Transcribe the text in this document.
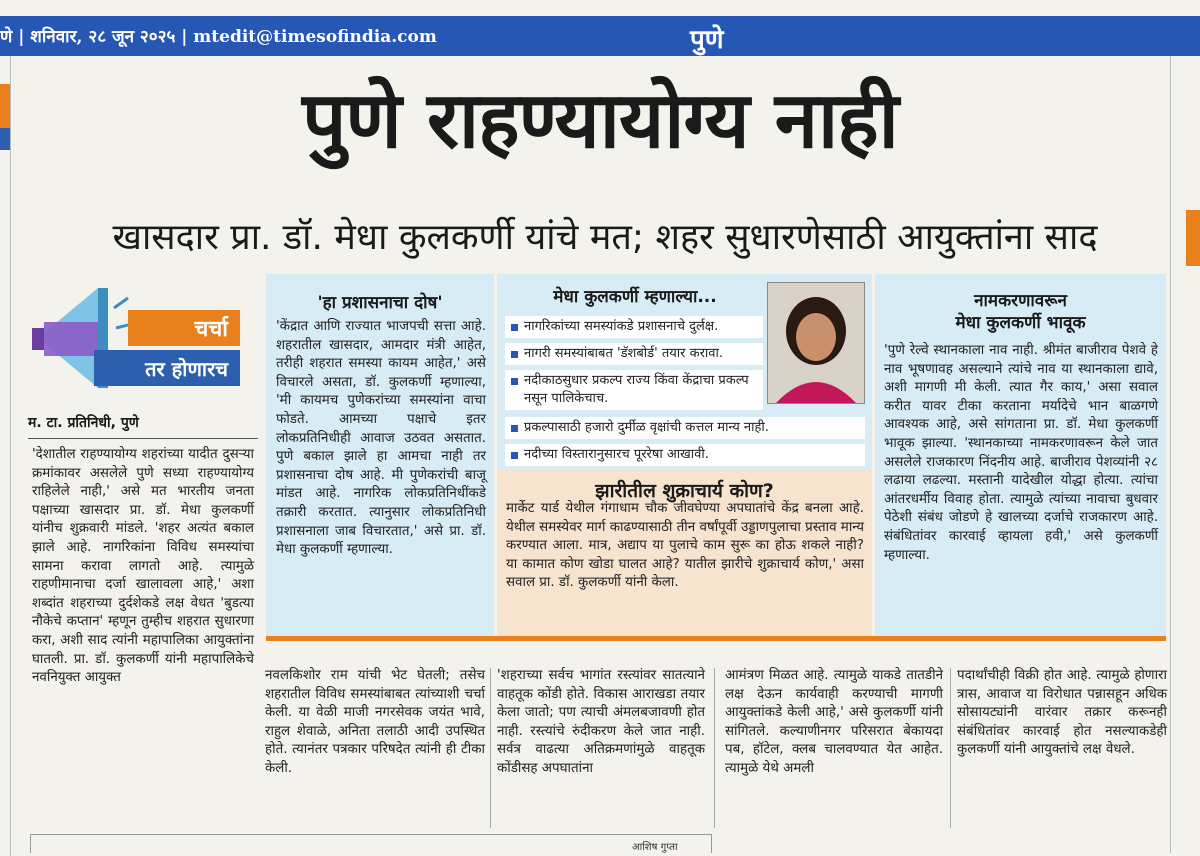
णे | शनिवार, २८ जून २०२५ | mtedit@timesofindia.com	पुणे
पुणे राहण्यायोग्य नाही
खासदार प्रा. डॉ. मेधा कुलकर्णी यांचे मत; शहर सुधारणेसाठी आयुक्तांना साद
चर्चा
तर होणारच
म. टा. प्रतिनिधी, पुणे
'देशातील राहण्यायोग्य शहरांच्या यादीत दुसऱ्या क्रमांकावर असलेले पुणे सध्या राहण्यायोग्य राहिलेले नाही,' असे मत भारतीय जनता पक्षाच्या खासदार प्रा. डॉ. मेधा कुलकर्णी यांनीच शुक्रवारी मांडले. 'शहर अत्यंत बकाल झाले आहे. नागरिकांना विविध समस्यांचा सामना करावा लागतो आहे. त्यामुळे राहणीमानाचा दर्जा खालावला आहे,' अशा शब्दांत शहराच्या दुर्दशेकडे लक्ष वेधत 'बुडत्या नौकेचे कप्तान' म्हणून तुम्हीच शहरात सुधारणा करा, अशी साद त्यांनी महापालिका आयुक्तांना घातली. प्रा. डॉ. कुलकर्णी यांनी महापालिकेचे नवनियुक्त आयुक्त
'हा प्रशासनाचा दोष'
'केंद्रात आणि राज्यात भाजपची सत्ता आहे. शहरातील खासदार, आमदार मंत्री आहेत, तरीही शहरात समस्या कायम आहेत,' असे विचारले असता, डॉ. कुलकर्णी म्हणाल्या, 'मी कायमच पुणेकरांच्या समस्यांना वाचा फोडते. आमच्या पक्षाचे इतर लोकप्रतिनिधीही आवाज उठवत असतात. पुणे बकाल झाले हा आमचा नाही तर प्रशासनाचा दोष आहे. मी पुणेकरांची बाजू मांडत आहे. नागरिक लोकप्रतिनिधींकडे तक्रारी करतात. त्यानुसार लोकप्रतिनिधी प्रशासनाला जाब विचारतात,' असे प्रा. डॉ. मेधा कुलकर्णी म्हणाल्या.
मेधा कुलकर्णी म्हणाल्या...
नागरिकांच्या समस्यांकडे प्रशासनाचे दुर्लक्ष.
नागरी समस्यांबाबत 'डॅशबोर्ड' तयार करावा.
नदीकाठसुधार प्रकल्प राज्य किंवा केंद्राचा प्रकल्प नसून पालिकेचाच.
प्रकल्पासाठी हजारो दुर्मीळ वृक्षांची कत्तल मान्य नाही.
नदीच्या विस्तारानुसारच पूररेषा आखावी.
झारीतील शुक्राचार्य कोण?
मार्केट यार्ड येथील गंगाधाम चौक जीवघेण्या अपघातांचे केंद्र बनला आहे. येथील समस्येवर मार्ग काढण्यासाठी तीन वर्षांपूर्वी उड्डाणपुलाचा प्रस्ताव मान्य करण्यात आला. मात्र, अद्याप या पुलाचे काम सुरू का होऊ शकले नाही? या कामात कोण खोडा घालत आहे? यातील झारीचे शुक्राचार्य कोण,' असा सवाल प्रा. डॉ. कुलकर्णी यांनी केला.
नामकरणावरून
मेधा कुलकर्णी भावूक
'पुणे रेल्वे स्थानकाला नाव नाही. श्रीमंत बाजीराव पेशवे हे नाव भूषणावह असल्याने त्यांचे नाव या स्थानकाला द्यावे, अशी मागणी मी केली. त्यात गैर काय,' असा सवाल करीत यावर टीका करताना मर्यादेचे भान बाळगणे आवश्यक आहे, असे सांगताना प्रा. डॉ. मेधा कुलकर्णी भावूक झाल्या. 'स्थानकाच्या नामकरणावरून केले जात असलेले राजकारण निंदनीय आहे. बाजीराव पेशव्यांनी २८ लढाया लढल्या. मस्तानी यादेखील योद्धा होत्या. त्यांचा आंतरधर्मीय विवाह होता. त्यामुळे त्यांच्या नावाचा बुधवार पेठेशी संबंध जोडणे हे खालच्या दर्जाचे राजकारण आहे. संबंधितांवर कारवाई व्हायला हवी,' असे कुलकर्णी म्हणाल्या.
नवलकिशोर राम यांची भेट घेतली; तसेच शहरातील विविध समस्यांबाबत त्यांच्याशी चर्चा केली. या वेळी माजी नगरसेवक जयंत भावे, राहुल शेवाळे, अनिता तलाठी आदी उपस्थित होते. त्यानंतर पत्रकार परिषदेत त्यांनी ही टीका केली.
'शहराच्या सर्वच भागांत रस्त्यांवर सातत्याने वाहतूक कोंडी होते. विकास आराखडा तयार केला जातो; पण त्याची अंमलबजावणी होत नाही. रस्त्यांचे रुंदीकरण केले जात नाही. सर्वत्र वाढत्या अतिक्रमणांमुळे वाहतूक कोंडीसह अपघातांना
आमंत्रण मिळत आहे. त्यामुळे याकडे तातडीने लक्ष देऊन कार्यवाही करण्याची मागणी आयुक्तांकडे केली आहे,' असे कुलकर्णी यांनी सांगितले. कल्याणीनगर परिसरात बेकायदा पब, हॉटेल, क्लब चालवण्यात येत आहेत. त्यामुळे येथे अमली
पदार्थांचीही विक्री होत आहे. त्यामुळे होणारा त्रास, आवाज या विरोधात पन्नासहून अधिक सोसायट्यांनी वारंवार तक्रार करूनही संबंधितांवर कारवाई होत नसल्याकडेही कुलकर्णी यांनी आयुक्तांचे लक्ष वेधले.
आशिष गुप्ता
